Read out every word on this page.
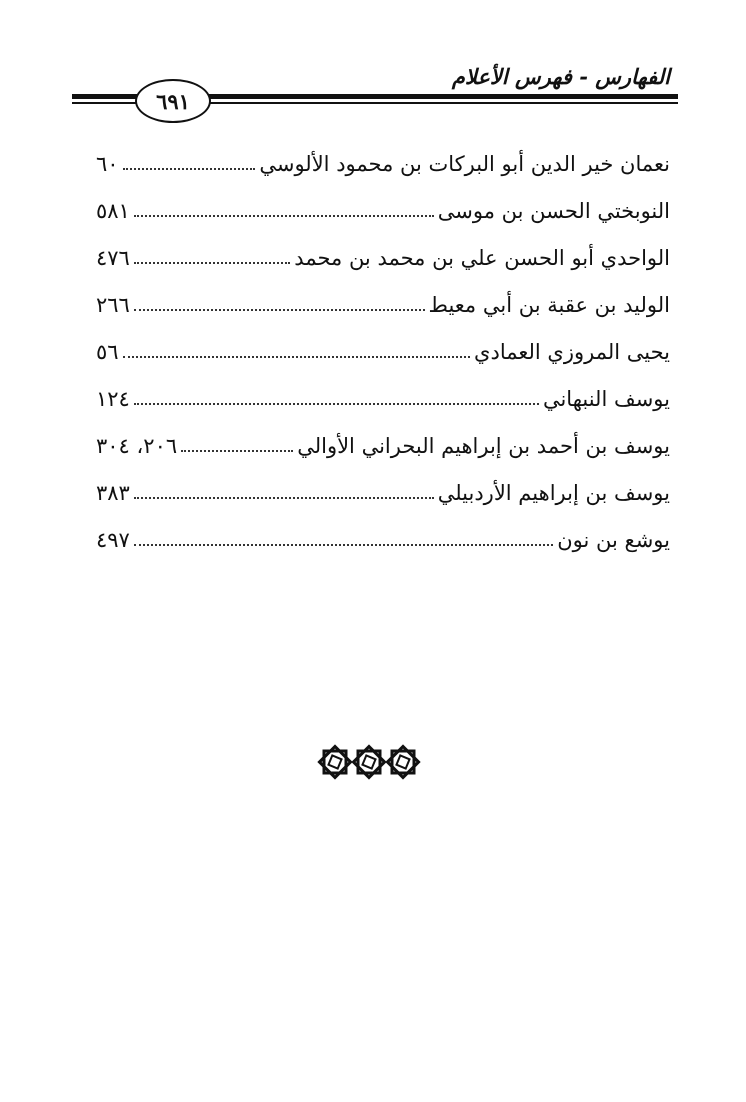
الفهارس - فهرس الأعلام
٦٩١
نعمان خير الدين أبو البركات بن محمود الألوسي
٦٠
النوبختي الحسن بن موسى
٥٨١
الواحدي أبو الحسن علي بن محمد بن محمد
٤٧٦
الوليد بن عقبة بن أبي معيط
٢٦٦
يحيى المروزي العمادي
٥٦
يوسف النبهاني
١٢٤
يوسف بن أحمد بن إبراهيم البحراني الأوالي
٢٠٦، ٣٠٤
يوسف بن إبراهيم الأردبيلي
٣٨٣
يوشع بن نون
٤٩٧
